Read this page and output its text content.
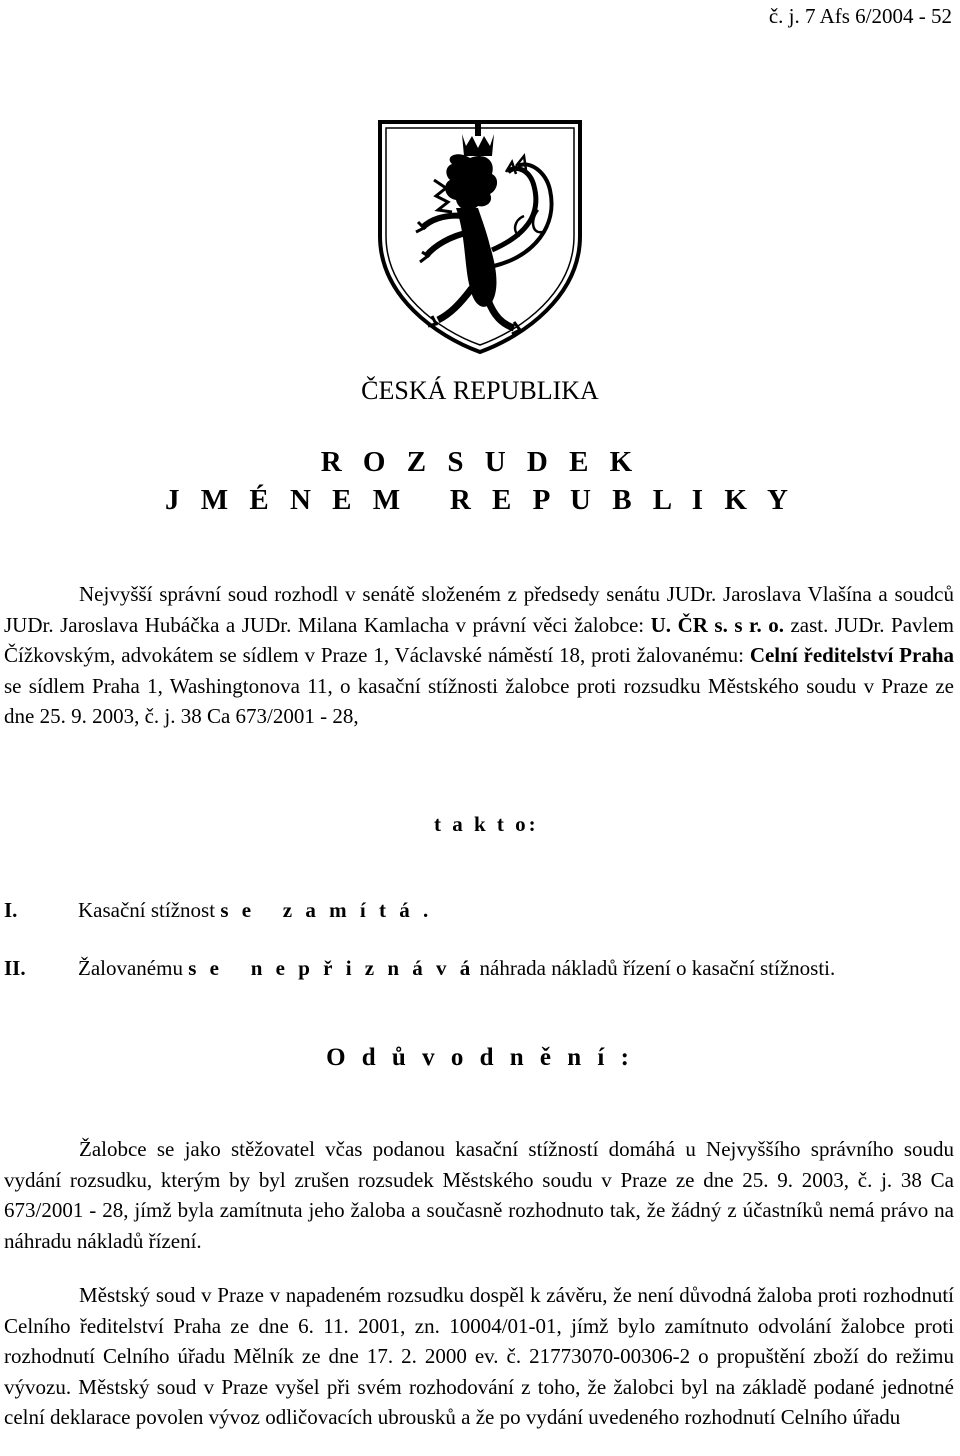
č. j. 7 Afs 6/2004 - 52
ČESKÁ REPUBLIKA
R O Z S U D E K
J M É N E M   R E P U B L I K Y

Nejvyšší správní soud rozhodl v senátě složeném z předsedy senátu JUDr. Jaroslava Vlašína a soudců JUDr. Jaroslava Hubáčka a JUDr. Milana Kamlacha v právní věci žalobce: U. ČR s. s r. o. zast. JUDr. Pavlem Čížkovským, advokátem se sídlem v Praze 1, Václavské náměstí 18, proti žalovanému: Celní ředitelství Praha se sídlem Praha 1, Washingtonova 11, o kasační stížnosti žalobce proti rozsudku Městského soudu v Praze ze dne 25. 9. 2003, č. j. 38 Ca 673/2001 - 28,

t a k t o:
I.	Kasační stížnost s e   z a m í t á .
II. Žalovanému s e   n e p ř i z n á v á náhrada nákladů řízení o kasační stížnosti.
O d ů v o d n ě n í :

Žalobce se jako stěžovatel včas podanou kasační stížností domáhá u Nejvyššího správního soudu vydání rozsudku, kterým by byl zrušen rozsudek Městského soudu v Praze ze dne 25. 9. 2003, č. j. 38 Ca 673/2001 - 28, jímž byla zamítnuta jeho žaloba a současně rozhodnuto tak, že žádný z účastníků nemá právo na náhradu nákladů řízení.

Městský soud v Praze v napadeném rozsudku dospěl k závěru, že není důvodná žaloba proti rozhodnutí Celního ředitelství Praha ze dne 6. 11. 2001, zn. 10004/01-01, jímž bylo zamítnuto odvolání žalobce proti rozhodnutí Celního úřadu Mělník ze dne 17. 2. 2000 ev. č. 21773070-00306-2 o propuštění zboží do režimu vývozu. Městský soud v Praze vyšel při svém rozhodování z toho, že žalobci byl na základě podané jednotné celní deklarace povolen vývoz odličovacích ubrousků a že po vydání uvedeného rozhodnutí Celního úřadu
